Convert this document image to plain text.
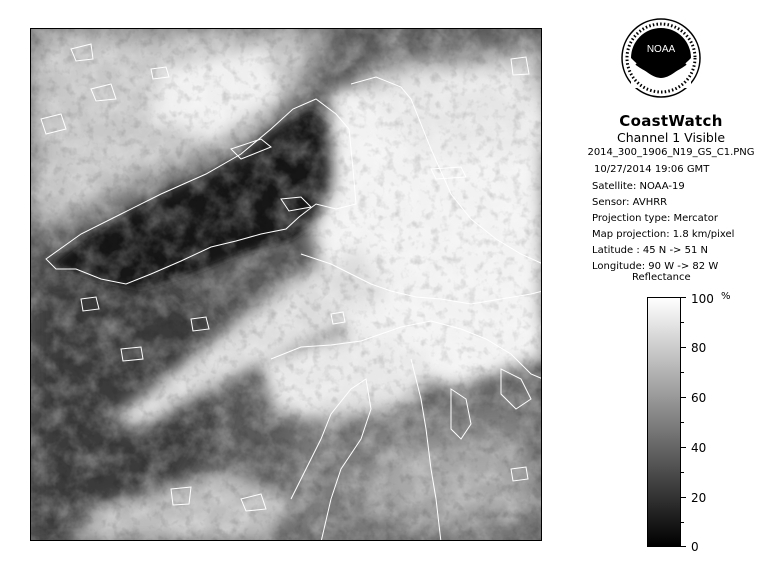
NOAA
CoastWatch
Channel 1 Visible
2014_300_1906_N19_GS_C1.PNG
10/27/2014 19:06 GMT
Satellite: NOAA-19
Sensor: AVHRR
Projection type: Mercator
Map projection: 1.8 km/pixel
Latitude : 45 N -> 51 N
Longitude: 90 W -> 82 W
Reflectance
%
100
80
60
40
20
0
